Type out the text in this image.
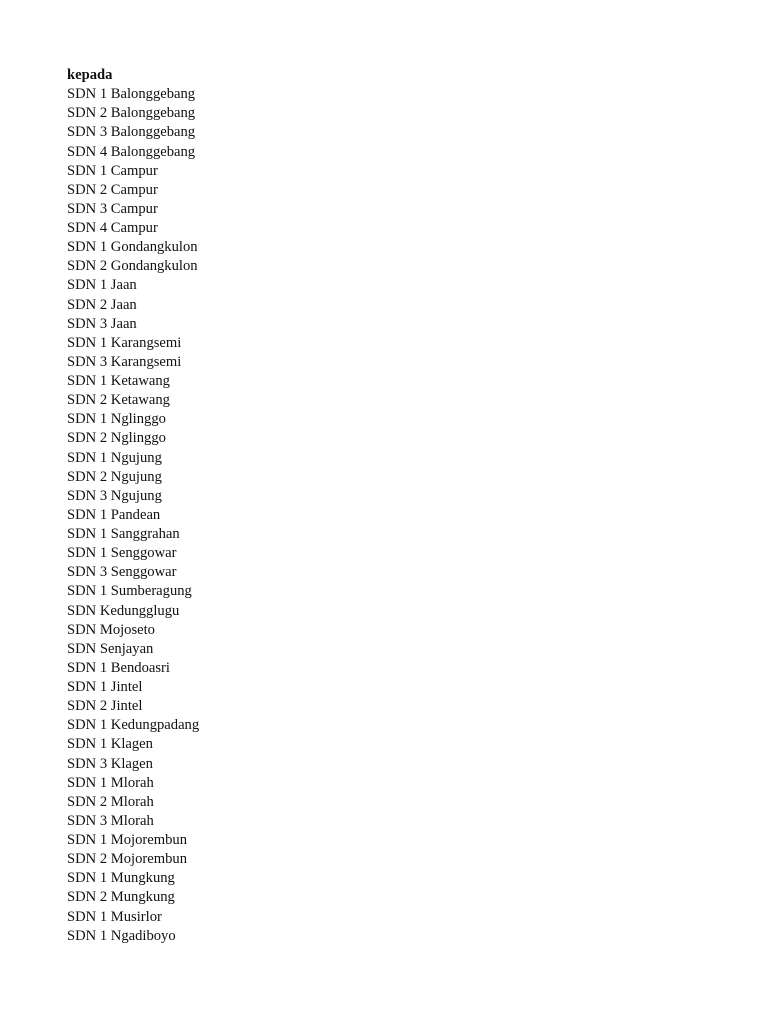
kepada
SDN 1 Balonggebang
SDN 2 Balonggebang
SDN 3 Balonggebang
SDN 4 Balonggebang
SDN 1 Campur
SDN 2 Campur
SDN 3 Campur
SDN 4 Campur
SDN 1 Gondangkulon
SDN 2 Gondangkulon
SDN 1 Jaan
SDN 2 Jaan
SDN 3 Jaan
SDN 1 Karangsemi
SDN 3 Karangsemi
SDN 1 Ketawang
SDN 2 Ketawang
SDN 1 Nglinggo
SDN 2 Nglinggo
SDN 1 Ngujung
SDN 2 Ngujung
SDN 3 Ngujung
SDN 1 Pandean
SDN 1 Sanggrahan
SDN 1 Senggowar
SDN 3 Senggowar
SDN 1 Sumberagung
SDN Kedungglugu
SDN Mojoseto
SDN Senjayan
SDN 1 Bendoasri
SDN 1 Jintel
SDN 2 Jintel
SDN 1 Kedungpadang
SDN 1 Klagen
SDN 3 Klagen
SDN 1 Mlorah
SDN 2 Mlorah
SDN 3 Mlorah
SDN 1 Mojorembun
SDN 2 Mojorembun
SDN 1 Mungkung
SDN 2 Mungkung
SDN 1 Musirlor
SDN 1 Ngadiboyo
